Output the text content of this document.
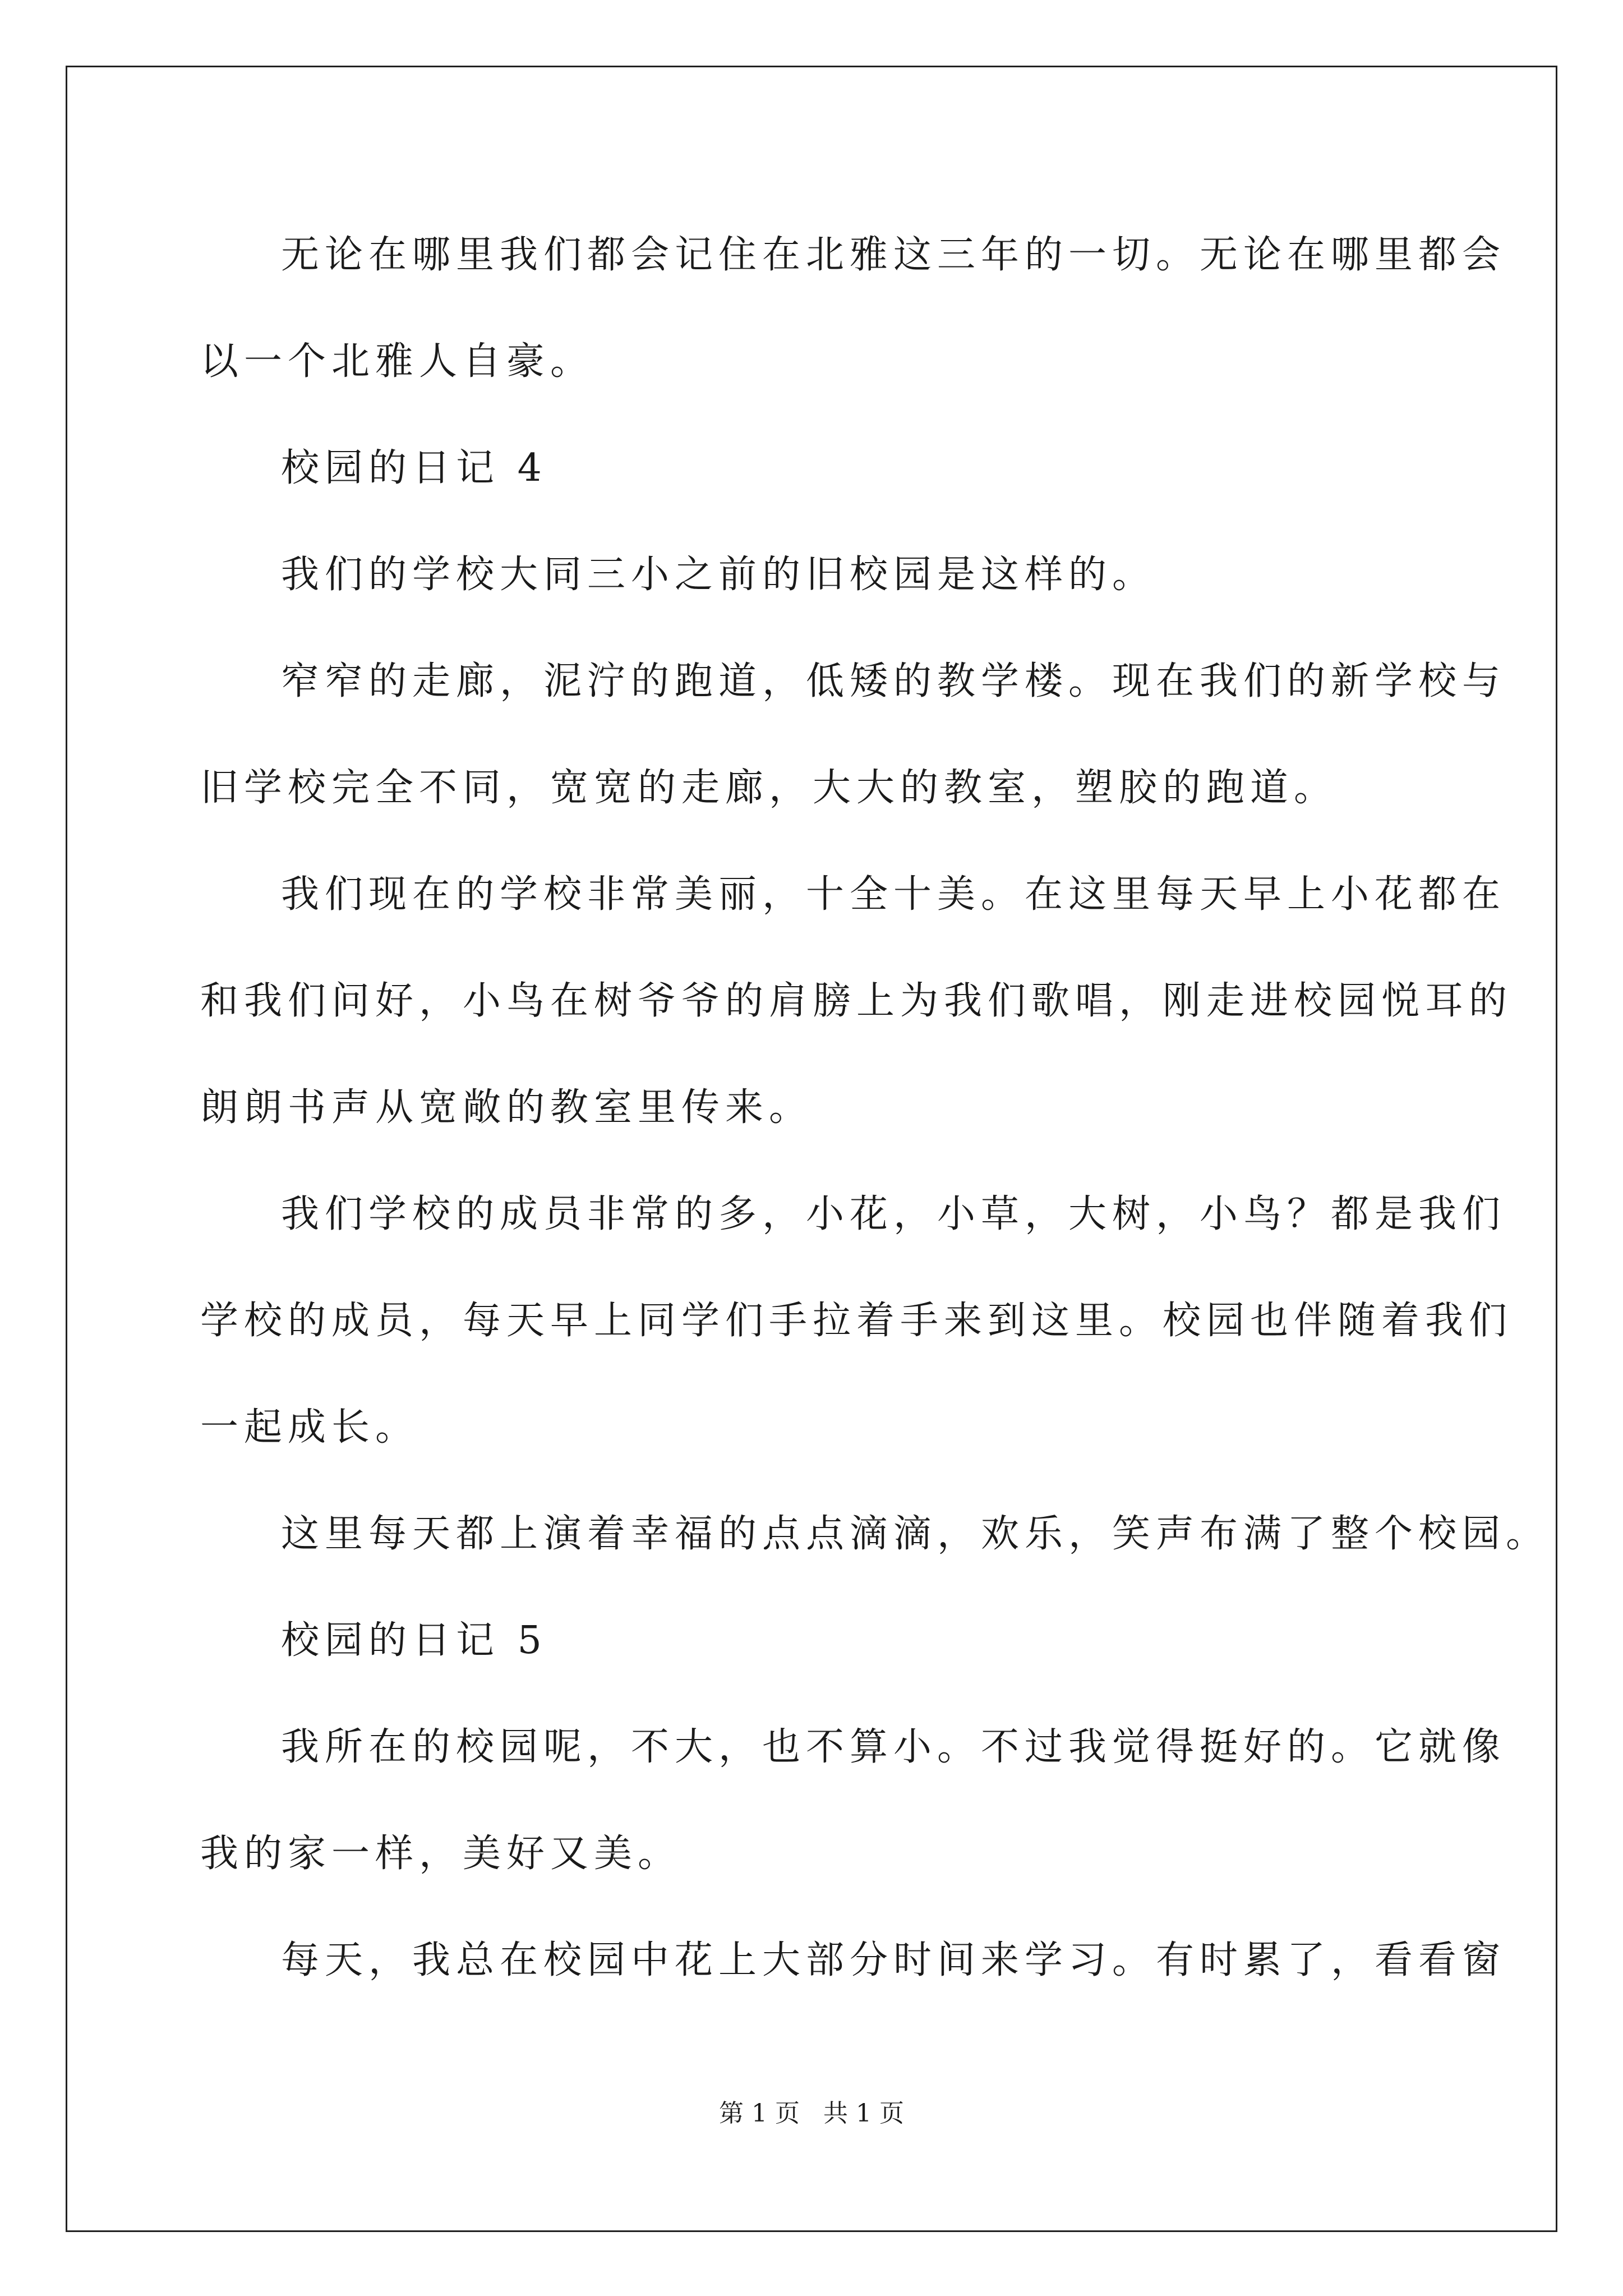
无论在哪里我们都会记住在北雅这三年的一切。无论在哪里都会
以一个北雅人自豪。
校园的日记 4
我们的学校大同三小之前的旧校园是这样的。
窄窄的走廊，泥泞的跑道，低矮的教学楼。现在我们的新学校与
旧学校完全不同，宽宽的走廊，大大的教室，塑胶的跑道。
我们现在的学校非常美丽，十全十美。在这里每天早上小花都在
和我们问好，小鸟在树爷爷的肩膀上为我们歌唱，刚走进校园悦耳的
朗朗书声从宽敞的教室里传来。
我们学校的成员非常的多，小花，小草，大树，小鸟？都是我们
学校的成员，每天早上同学们手拉着手来到这里。校园也伴随着我们
一起成长。
这里每天都上演着幸福的点点滴滴，欢乐，笑声布满了整个校园。
校园的日记 5
我所在的校园呢，不大，也不算小。不过我觉得挺好的。它就像
我的家一样，美好又美。
每天，我总在校园中花上大部分时间来学习。有时累了，看看窗
第 1 页   共 1 页
